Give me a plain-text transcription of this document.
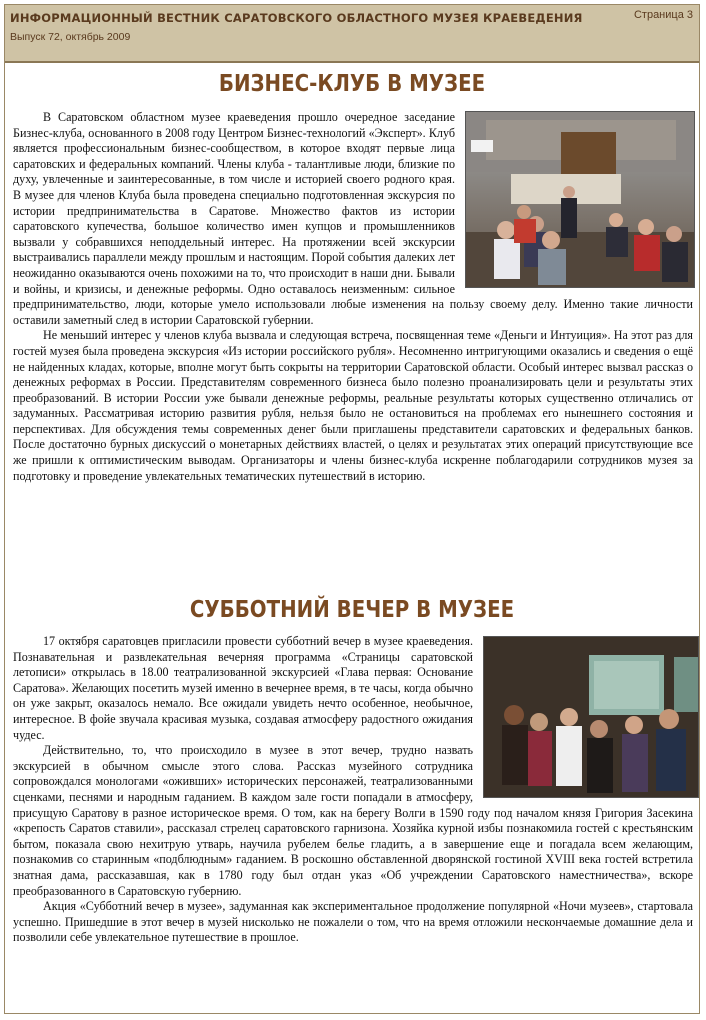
ИНФОРМАЦИОННЫЙ ВЕСТНИК САРАТОВСКОГО ОБЛАСТНОГО МУЗЕЯ КРАЕВЕДЕНИЯ
Выпуск 72, октябрь 2009
Страница 3
БИЗНЕС-КЛУБ В МУЗЕЕ

В Саратовском областном музее краеведения прошло очередное заседание Бизнес-клуба, основанного в 2008 году Центром Бизнес-технологий «Эксперт». Клуб является профессиональным бизнес-сообществом, в которое входят первые лица саратовских и федеральных компаний. Члены клуба - талантливые люди, близкие по духу, увлеченные и заинтересованные, в том числе и историей своего родного края. В музее для членов Клуба была проведена специально подготовленная экскурсия по истории предпринимательства в Саратове. Множество фактов из истории саратовского купечества, большое количество имен купцов и промышленников вызвали у собравшихся неподдельный интерес. На протяжении всей экскурсии выстраивались параллели между прошлым и настоящим. Порой события далеких лет неожиданно оказываются очень похожими на то, что происходит в наши дни. Бывали и войны, и кризисы, и денежные реформы. Одно оставалось неизменным: сильное предпринимательство, люди, которые умело использовали любые изменения на пользу своему делу. Именно такие личности оставили заметный след в истории Саратовской губернии.

Не меньший интерес у членов клуба вызвала и следующая встреча, посвященная теме «Деньги и Интуиция». На этот раз для гостей музея была проведена экскурсия «Из истории российского рубля». Несомненно интригующими оказались и сведения о ещё не найденных кладах, которые, вполне могут быть сокрыты на территории Саратовской области. Особый интерес вызвал рассказ о денежных реформах в России. Представителям современного бизнеса было полезно проанализировать цели и результаты этих преобразований. В истории России уже бывали денежные реформы, реальные результаты которых существенно отличались от задуманных. Рассматривая историю развития рубля, нельзя было не остановиться на проблемах его нынешнего состояния и перспективах. Для обсуждения темы современных денег были приглашены представители саратовских и федеральных банков. После достаточно бурных дискуссий о монетарных действиях властей, о целях и результатах этих операций присутствующие все же пришли к оптимистическим выводам. Организаторы и члены бизнес-клуба искренне поблагодарили сотрудников музея за подготовку и проведение увлекательных тематических путешествий в историю.

СУББОТНИЙ ВЕЧЕР В МУЗЕЕ

17 октября саратовцев пригласили провести субботний вечер в музее краеведения. Познавательная и развлекательная вечерняя программа «Страницы саратовской летописи» открылась в 18.00 театрализованной экскурсией «Глава первая: Основание Саратова». Желающих посетить музей именно в вечернее время, в те часы, когда обычно он уже закрыт, оказалось немало. Все ожидали увидеть нечто особенное, необычное, интересное. В фойе звучала красивая музыка, создавая атмосферу радостного ожидания чудес.

Действительно, то, что происходило в музее в этот вечер, трудно назвать экскурсией в обычном смысле этого слова. Рассказ музейного сотрудника сопровождался монологами «оживших» исторических персонажей, театрализованными сценками, песнями и народным гаданием. В каждом зале гости попадали в атмосферу, присущую Саратову в разное историческое время. О том, как на берегу Волги в 1590 году под началом князя Григория Засекина «крепость Саратов ставили», рассказал стрелец саратовского гарнизона. Хозяйка курной избы познакомила гостей с крестьянским бытом, показала свою нехитрую утварь, научила рубелем белье гладить, а в завершение еще и погадала всем желающим, познакомив со старинным «подблюдным» гаданием. В роскошно обставленной дворянской гостиной XVIII века гостей встретила знатная дама, рассказавшая, как в 1780 году был отдан указ «Об учреждении Саратовского наместничества», вскоре преобразованного в Саратовскую губернию.

Акция «Субботний вечер в музее», задуманная как экспериментальное продолжение популярной «Ночи музеев», стартовала успешно. Пришедшие в этот вечер в музей нисколько не пожалели о том, что на время отложили нескончаемые домашние дела и позволили себе увлекательное путешествие в прошлое.
